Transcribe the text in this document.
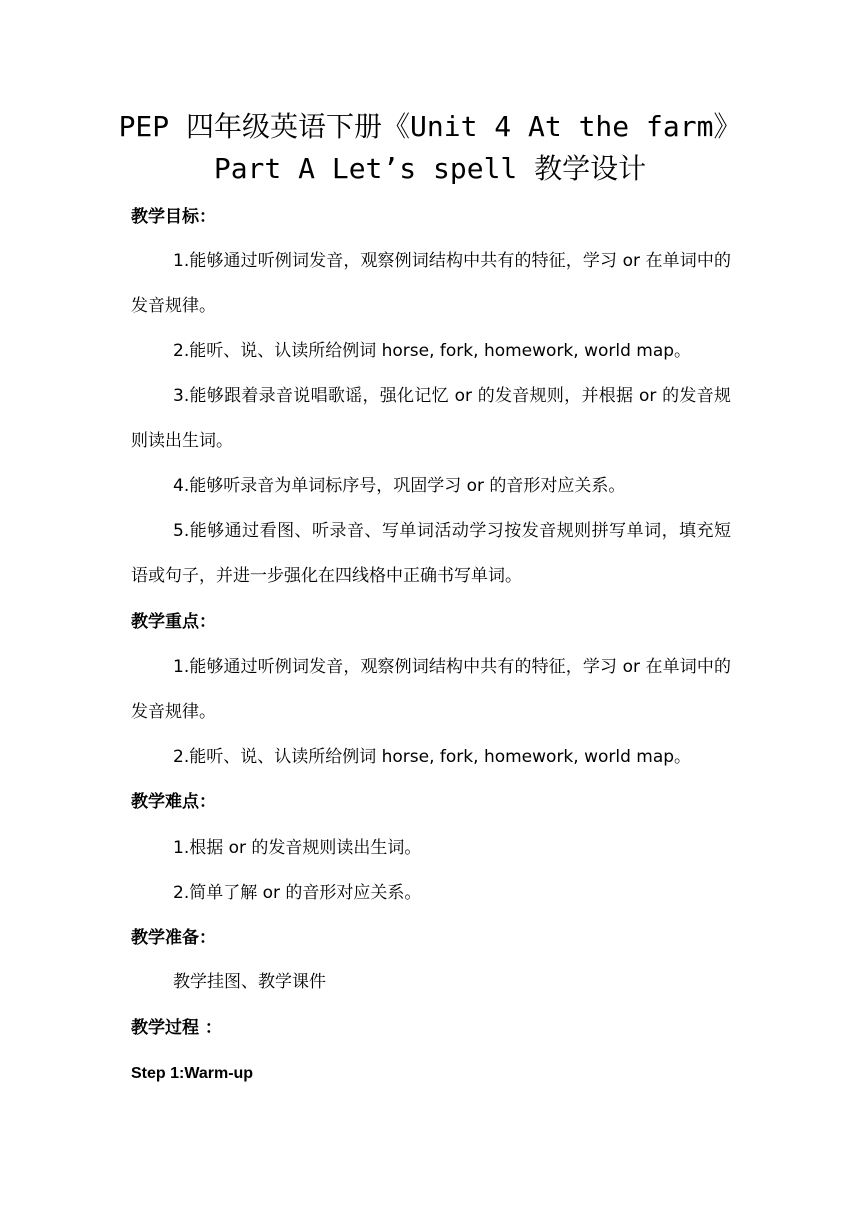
PEP 四年级英语下册《Unit 4 At the farm》
Part A Let’s spell 教学设计
教学目标：
1.能够通过听例词发音，观察例词结构中共有的特征，学习 or 在单词中的发音规律。
2.能听、说、认读所给例词 horse, fork, homework, world map。
3.能够跟着录音说唱歌谣，强化记忆 or 的发音规则，并根据 or 的发音规则读出生词。
4.能够听录音为单词标序号，巩固学习 or 的音形对应关系。
5.能够通过看图、听录音、写单词活动学习按发音规则拼写单词，填充短语或句子，并进一步强化在四线格中正确书写单词。
教学重点：
1.能够通过听例词发音，观察例词结构中共有的特征，学习 or 在单词中的发音规律。
2.能听、说、认读所给例词 horse, fork, homework, world map。
教学难点：
1.根据 or 的发音规则读出生词。
2.简单了解 or 的音形对应关系。
教学准备：
教学挂图、教学课件
教学过程 ：
Step 1:Warm-up
